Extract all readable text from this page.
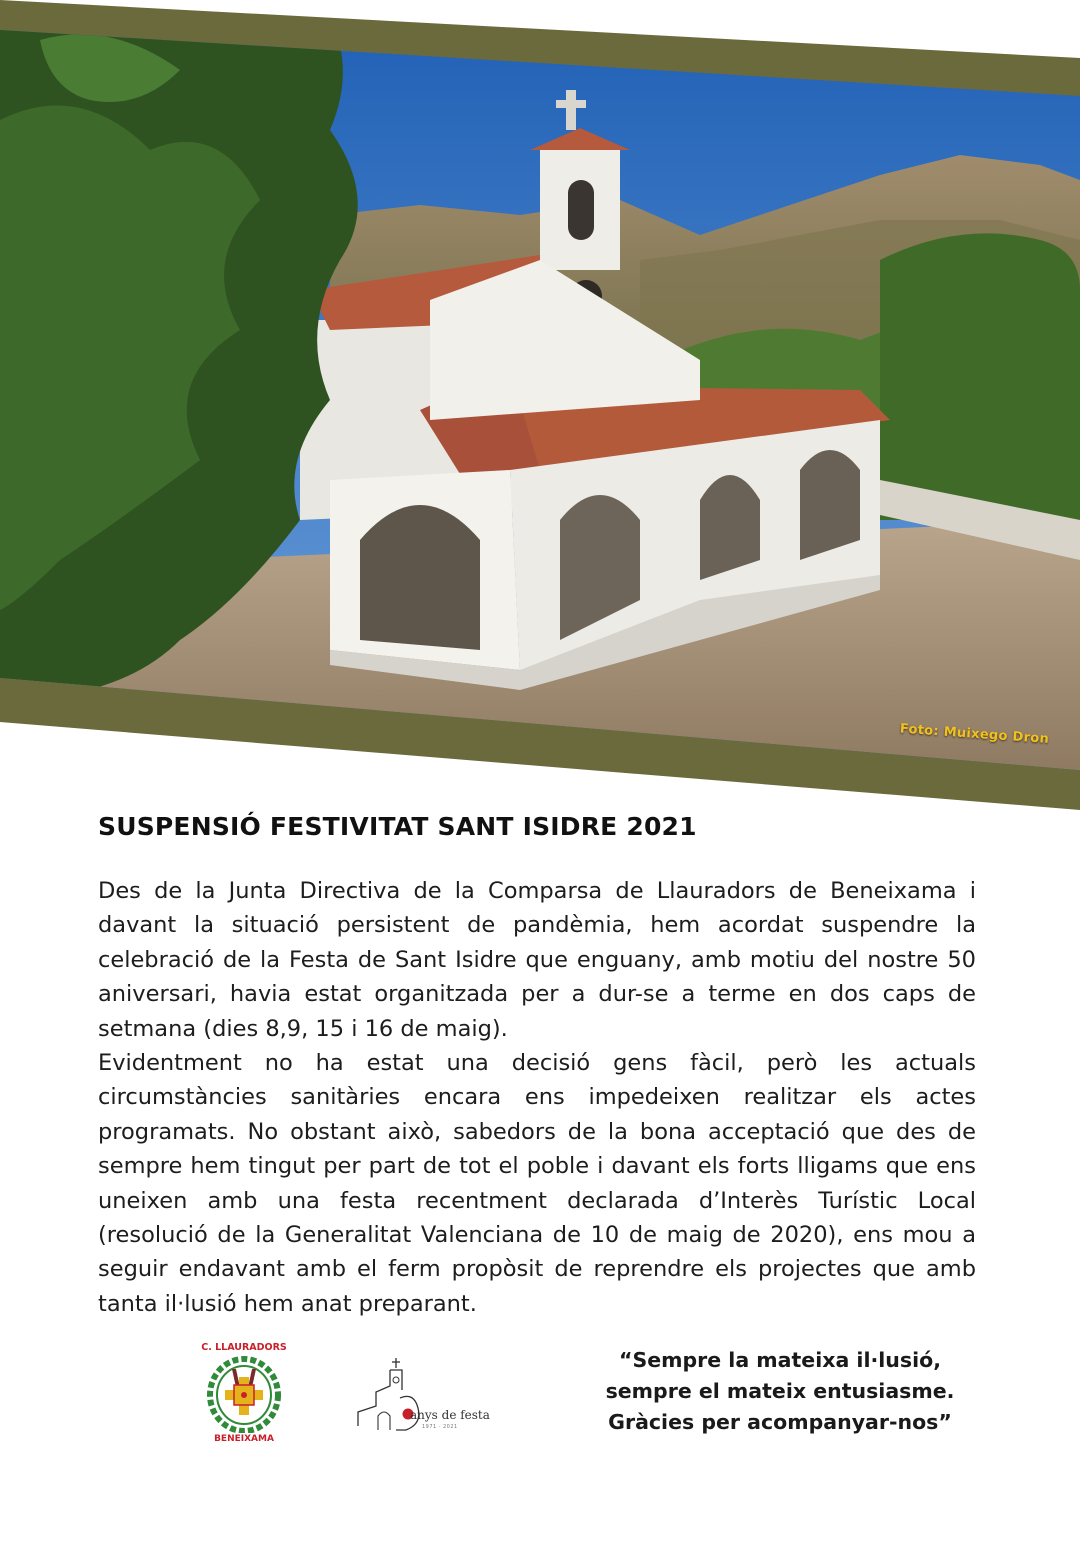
Foto: Muixego Dron
SUSPENSIÓ FESTIVITAT SANT ISIDRE 2021

Des de la Junta Directiva de la Comparsa de Llauradors de Beneixama i davant la situació persistent de pandèmia, hem acordat suspendre la celebració de la Festa de Sant Isidre que enguany, amb motiu del nostre 50 aniversari, havia estat organitzada per a dur-se a terme en dos caps de setmana (dies 8,9, 15 i 16 de maig).

Evidentment no ha estat una decisió gens fàcil, però les actuals circumstàncies sanitàries encara ens impedeixen realitzar els actes programats. No obstant això, sabedors de la bona acceptació que des de sempre hem tingut per part de tot el poble i davant els forts lligams que ens uneixen amb una festa recentment declarada d’Interès Turístic Local (resolució de la Generalitat Valenciana de 10 de maig de 2020), ens mou a seguir endavant amb el ferm propòsit de reprendre els projectes que amb tanta il·lusió hem anat preparant.

C. LLAURADORS
BENEIXAMA
anys de festa
1971 · 2021
“Sempre la mateixa il·lusió,
sempre el mateix entusiasme.
Gràcies per acompanyar-nos”
